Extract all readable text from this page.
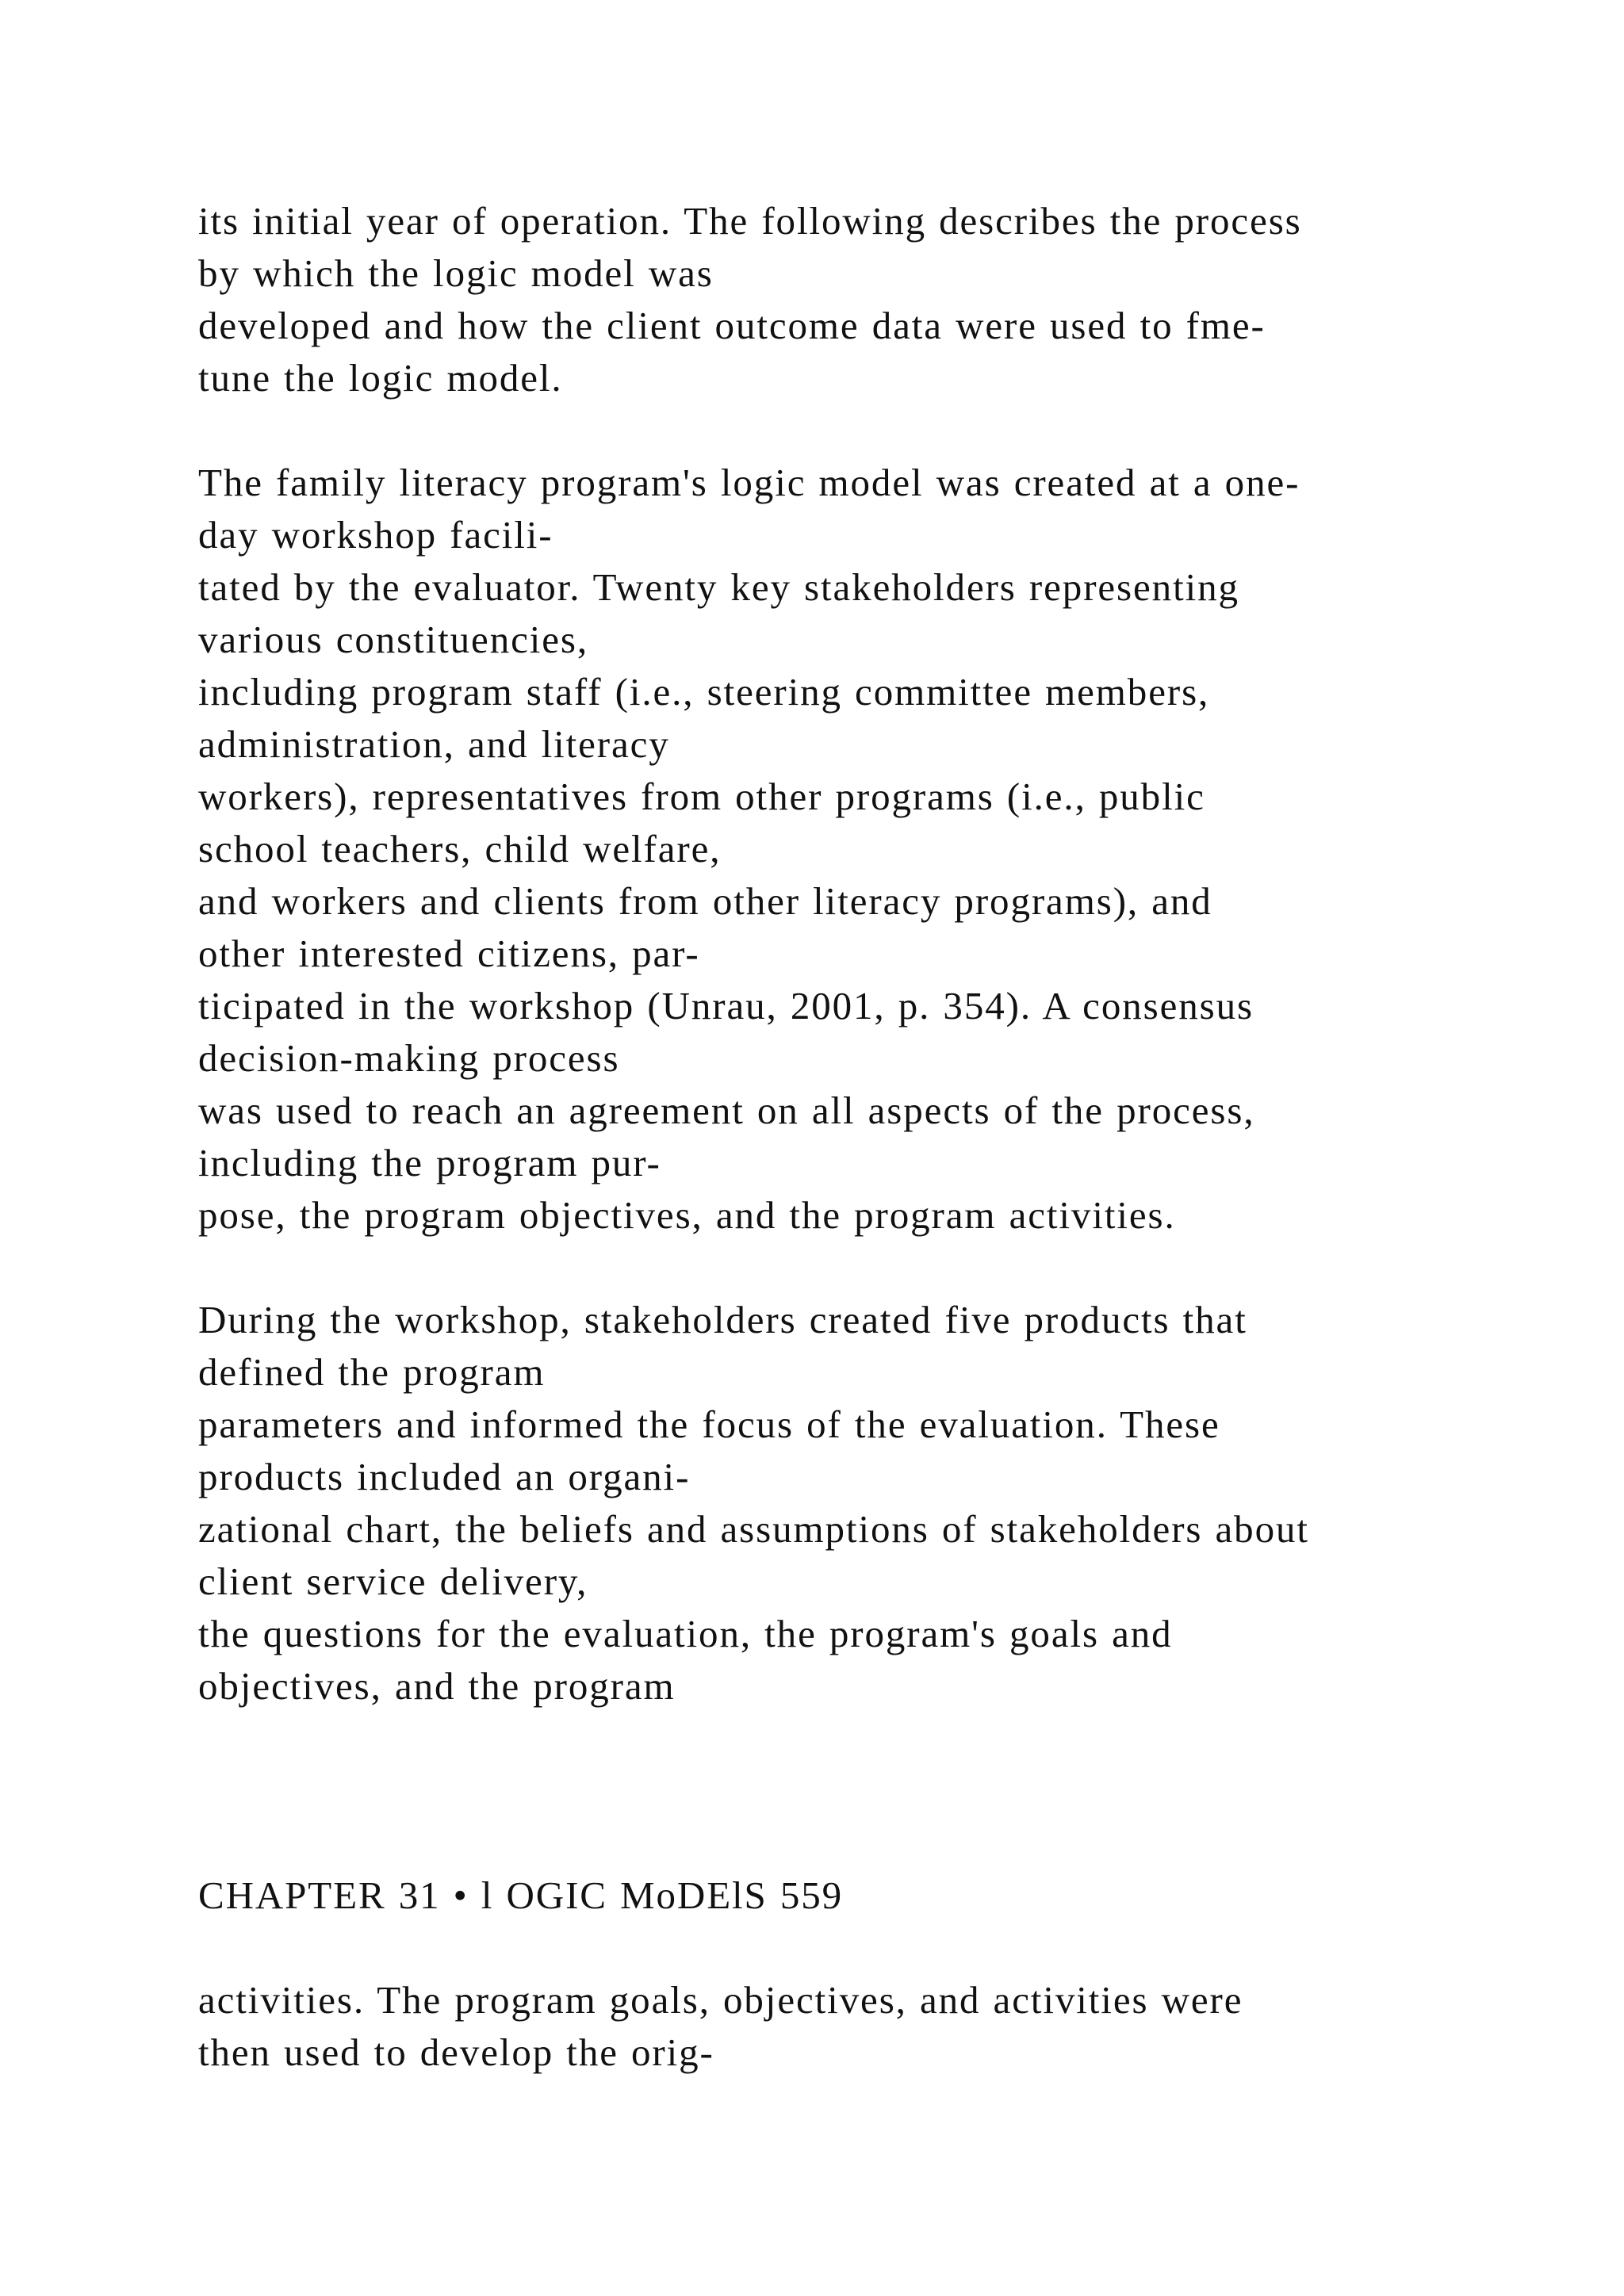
its initial year of operation. The following describes the process
by which the logic model was
developed and how the client outcome data were used to fme-
tune the logic model.
The family literacy program's logic model was created at a one-
day workshop facili-
tated by the evaluator. Twenty key stakeholders representing
various constituencies,
including program staff (i.e., steering committee members,
administration, and literacy
workers), representatives from other programs (i.e., public
school teachers, child welfare,
and workers and clients from other literacy programs), and
other interested citizens, par-
ticipated in the workshop (Unrau, 2001, p. 354). A consensus
decision-making process
was used to reach an agreement on all aspects of the process,
including the program pur-
pose, the program objectives, and the program activities.
During the workshop, stakeholders created five products that
defined the program
parameters and informed the focus of the evaluation. These
products included an organi-
zational chart, the beliefs and assumptions of stakeholders about
client service delivery,
the questions for the evaluation, the program's goals and
objectives, and the program
CHAPTER 31 • l OGIC MoDElS 559
activities. The program goals, objectives, and activities were
then used to develop the orig-
